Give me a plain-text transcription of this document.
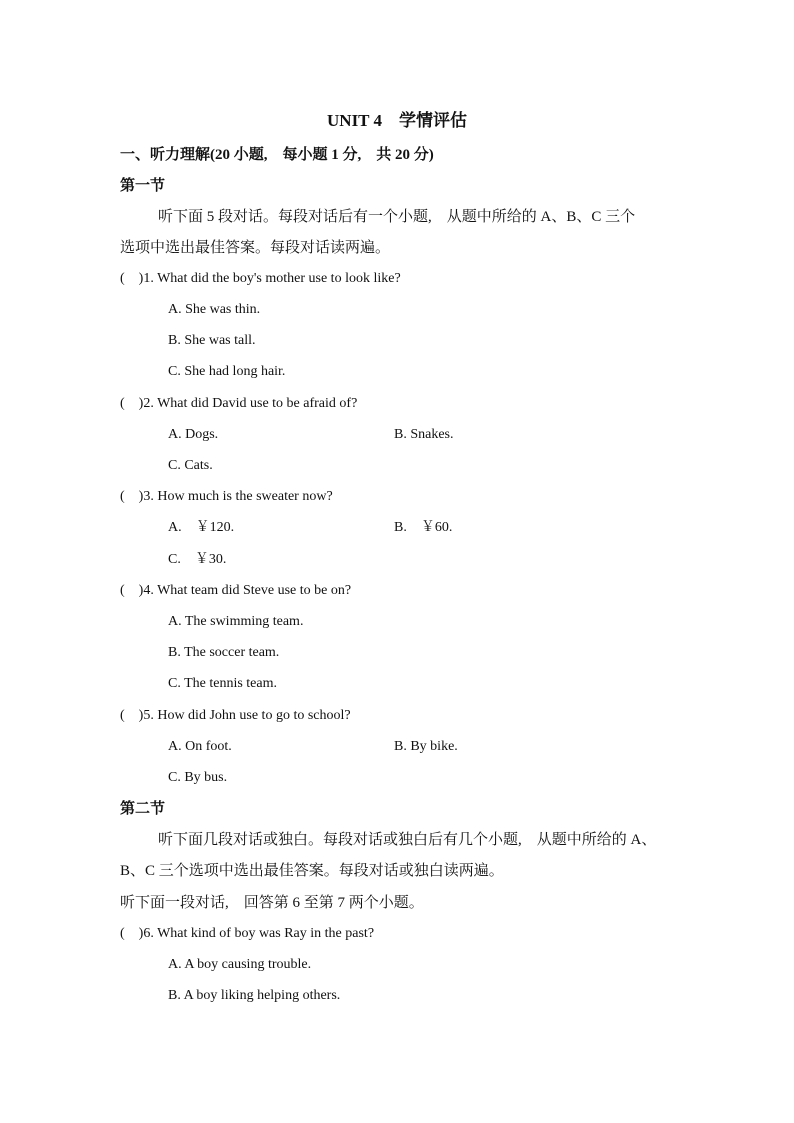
UNIT 4　学情评估
一、听力理解(20 小题,　每小题 1 分,　共 20 分)
第一节
听下面 5 段对话。每段对话后有一个小题,　从题中所给的 A、B、C 三个
选项中选出最佳答案。每段对话读两遍。
(　)1. What did the boy's mother use to look like?
A. She was thin.
B. She was tall.
C. She had long hair.
(　)2. What did David use to be afraid of?
A. Dogs.	B. Snakes.
C. Cats.
(　)3. How much is the sweater now?
A.　￥120.	B.　￥60.
C.　￥30.
(　)4. What team did Steve use to be on?
A. The swimming team.
B. The soccer team.
C. The tennis team.
(　)5. How did John use to go to school?
A. On foot.	B. By bike.
C. By bus.
第二节
听下面几段对话或独白。每段对话或独白后有几个小题,　从题中所给的 A、
B、C 三个选项中选出最佳答案。每段对话或独白读两遍。
听下面一段对话,　回答第 6 至第 7 两个小题。
(　)6. What kind of boy was Ray in the past?
A. A boy causing trouble.
B. A boy liking helping others.
